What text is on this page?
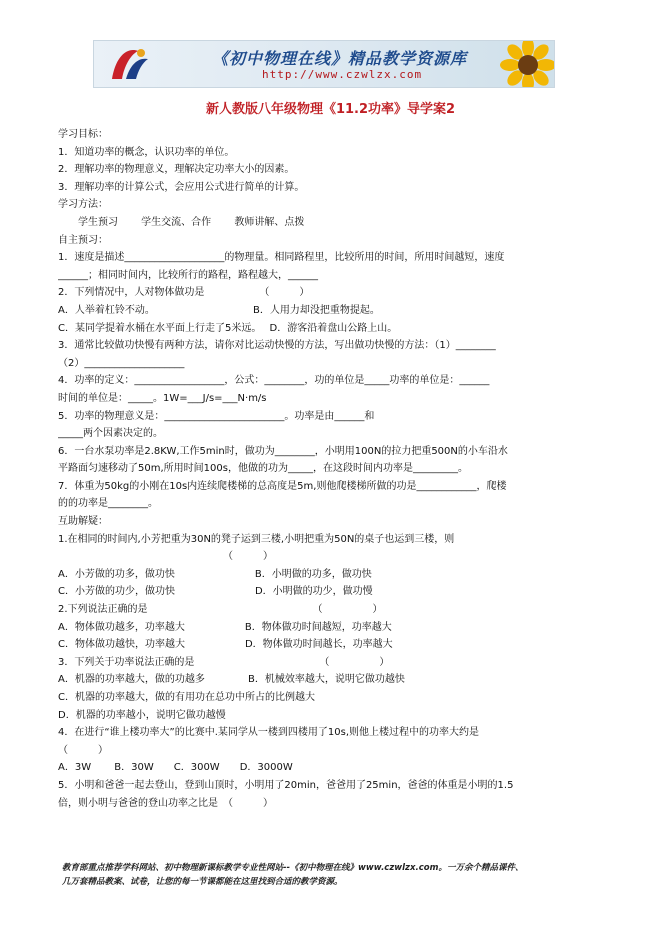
《初中物理在线》精品教学资源库
http://www.czwlzx.com
新人教版八年级物理《11.2功率》导学案2
学习目标：
1．知道功率的概念，认识功率的单位。
2．理解功率的物理意义，理解决定功率大小的因素。
3．理解功率的计算公式，会应用公式进行简单的计算。
学习方法：
　　学生预习　　 学生交流、合作　　 教师讲解、点拨
自主预习：
1．速度是描述____________________的物理量。相同路程里，比较所用的时间，所用时间越短，速度
______；相同时间内，比较所行的路程，路程越大，______
2．下列情况中，人对物体做功是　　　　　　（　　　）
A．人举着杠铃不动。　　　　　　　　　　 B．人用力却没把重物提起。
C．某同学提着水桶在水平面上行走了5米远。　 D．游客沿着盘山公路上山。
3．通常比较做功快慢有两种方法，请你对比运动快慢的方法，写出做功快慢的方法：（1）________
（2）____________________
4．功率的定义：__________________，公式：________，功的单位是_____功率的单位是：______
时间的单位是：_____。1W=___J/s=___N·m/s
5．功率的物理意义是：________________________。功率是由______和
_____两个因素决定的。
6．一台水泵功率是2.8KW,工作5min时，做功为________，小明用100N的拉力把重500N的小车沿水
平路面匀速移动了50m,所用时间100s，他做的功为_____，在这段时间内功率是_________。
7．体重为50kg的小刚在10s内连续爬楼梯的总高度是5m,则他爬楼梯所做的功是____________，爬楼
的的功率是________。
互助解疑：
1.在相同的时间内,小芳把重为30N的凳子运到三楼,小明把重为50N的桌子也运到三楼，则
　　　　　　　　　　　　　　　　　（　　　）
A．小芳做的功多，做功快　　　　　　　　B．小明做的功多，做功快
C．小芳做的功少，做功快　　　　　　　　D．小明做的功少，做功慢
2.下列说法正确的是　　　　　　　　　　　　　　　　　（　　　　　）
A．物体做功越多，功率越大　　　　　　B．物体做功时间越短，功率越大
C．物体做功越快，功率越大　　　　　　D．物体做功时间越长，功率越大
3．下列关于功率说法正确的是　　　　　　　　　　　　　（　　　　　）
A．机器的功率越大，做的功越多　　　　 B．机械效率越大，说明它做功越快
C．机器的功率越大，做的有用功在总功中所占的比例越大
D．机器的功率越小，说明它做功越慢
4．在进行“谁上楼功率大”的比赛中.某同学从一楼到四楼用了10s,则他上楼过程中的功率大约是
（　　　）
A．3W　　 B．30W　　C．300W　　D．3000W
5．小明和爸爸一起去登山，登到山顶时，小明用了20min，爸爸用了25min，爸爸的体重是小明的1.5
倍，则小明与爸爸的登山功率之比是　（　　　）
教育部重点推荐学科网站、初中物理新课标教学专业性网站--《初中物理在线》www.czwlzx.com。一万余个精品课件、
几万套精品教案、试卷，让您的每一节课都能在这里找到合适的教学资源。
